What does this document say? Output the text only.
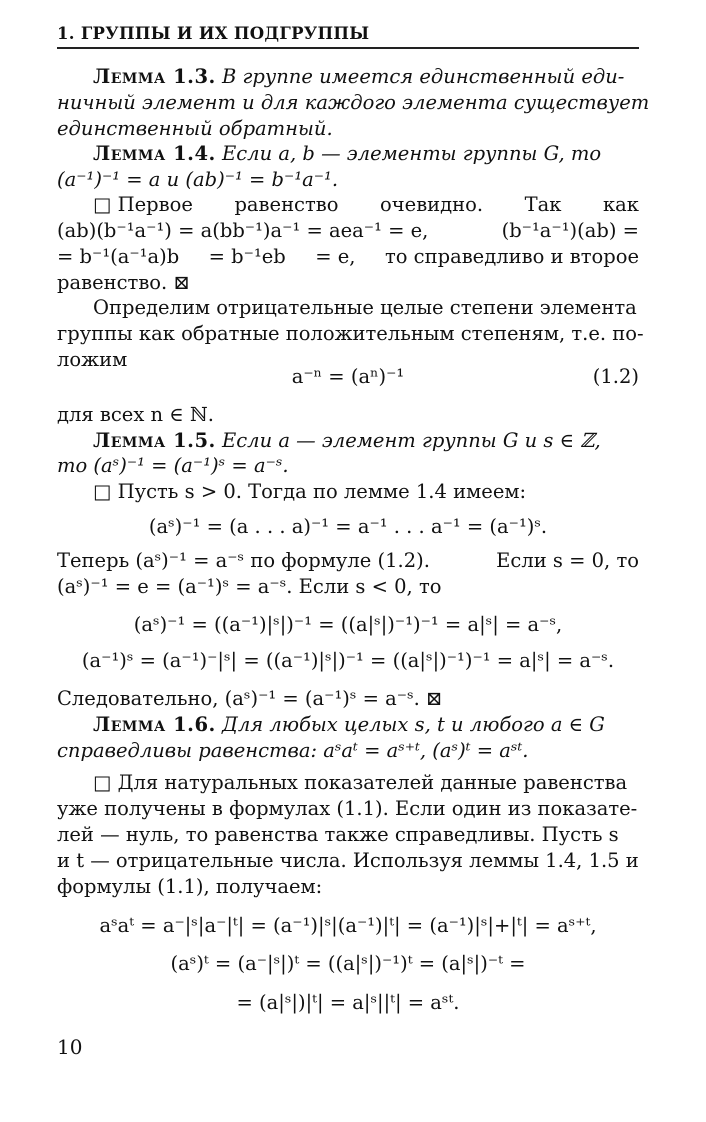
1. ГРУППЫ И ИХ ПОДГРУППЫ
Лемма 1.3. В группе имеется единственный еди-
ничный элемент и для каждого элемента существует
единственный обратный.
Лемма 1.4. Если a, b — элементы группы G, то
(a⁻¹)⁻¹ = a и (ab)⁻¹ = b⁻¹a⁻¹.
□ Первое равенство очевидно. Так как
(ab)(b⁻¹a⁻¹) = a(bb⁻¹)a⁻¹ = aea⁻¹ = e,	(b⁻¹a⁻¹)(ab) =
= b⁻¹(a⁻¹a)b = b⁻¹eb = e, то справедливо и второе
равенство. ⊠
Определим отрицательные целые степени элемента
группы как обратные положительным степеням, т.е. по-
ложим
a⁻ⁿ = (aⁿ)⁻¹	(1.2)
для всех n ∈ ℕ.
Лемма 1.5. Если a — элемент группы G и s ∈ ℤ,
то (aˢ)⁻¹ = (a⁻¹)ˢ = a⁻ˢ.
□ Пусть s > 0. Тогда по лемме 1.4 имеем:
(aˢ)⁻¹ = (a . . . a)⁻¹ = a⁻¹ . . . a⁻¹ = (a⁻¹)ˢ.
Теперь (aˢ)⁻¹ = a⁻ˢ по формуле (1.2).	Если s = 0, то
(aˢ)⁻¹ = e = (a⁻¹)ˢ = a⁻ˢ. Если s < 0, то
(aˢ)⁻¹ = ((a⁻¹)|ˢ|)⁻¹ = ((a|ˢ|)⁻¹)⁻¹ = a|ˢ| = a⁻ˢ,
(a⁻¹)ˢ = (a⁻¹)⁻|ˢ| = ((a⁻¹)|ˢ|)⁻¹ = ((a|ˢ|)⁻¹)⁻¹ = a|ˢ| = a⁻ˢ.
Следовательно, (aˢ)⁻¹ = (a⁻¹)ˢ = a⁻ˢ. ⊠
Лемма 1.6. Для любых целых s, t и любого a ∈ G
справедливы равенства: aˢaᵗ = aˢ⁺ᵗ, (aˢ)ᵗ = aˢᵗ.
□ Для натуральных показателей данные равенства
уже получены в формулах (1.1). Если один из показате-
лей — нуль, то равенства также справедливы. Пусть s
и t — отрицательные числа. Используя леммы 1.4, 1.5 и
формулы (1.1), получаем:
aˢaᵗ = a⁻|ˢ|a⁻|ᵗ| = (a⁻¹)|ˢ|(a⁻¹)|ᵗ| = (a⁻¹)|ˢ|+|ᵗ| = aˢ⁺ᵗ,
(aˢ)ᵗ = (a⁻|ˢ|)ᵗ = ((a|ˢ|)⁻¹)ᵗ = (a|ˢ|)⁻ᵗ =
= (a|ˢ|)|ᵗ| = a|ˢ||ᵗ| = aˢᵗ.
10
